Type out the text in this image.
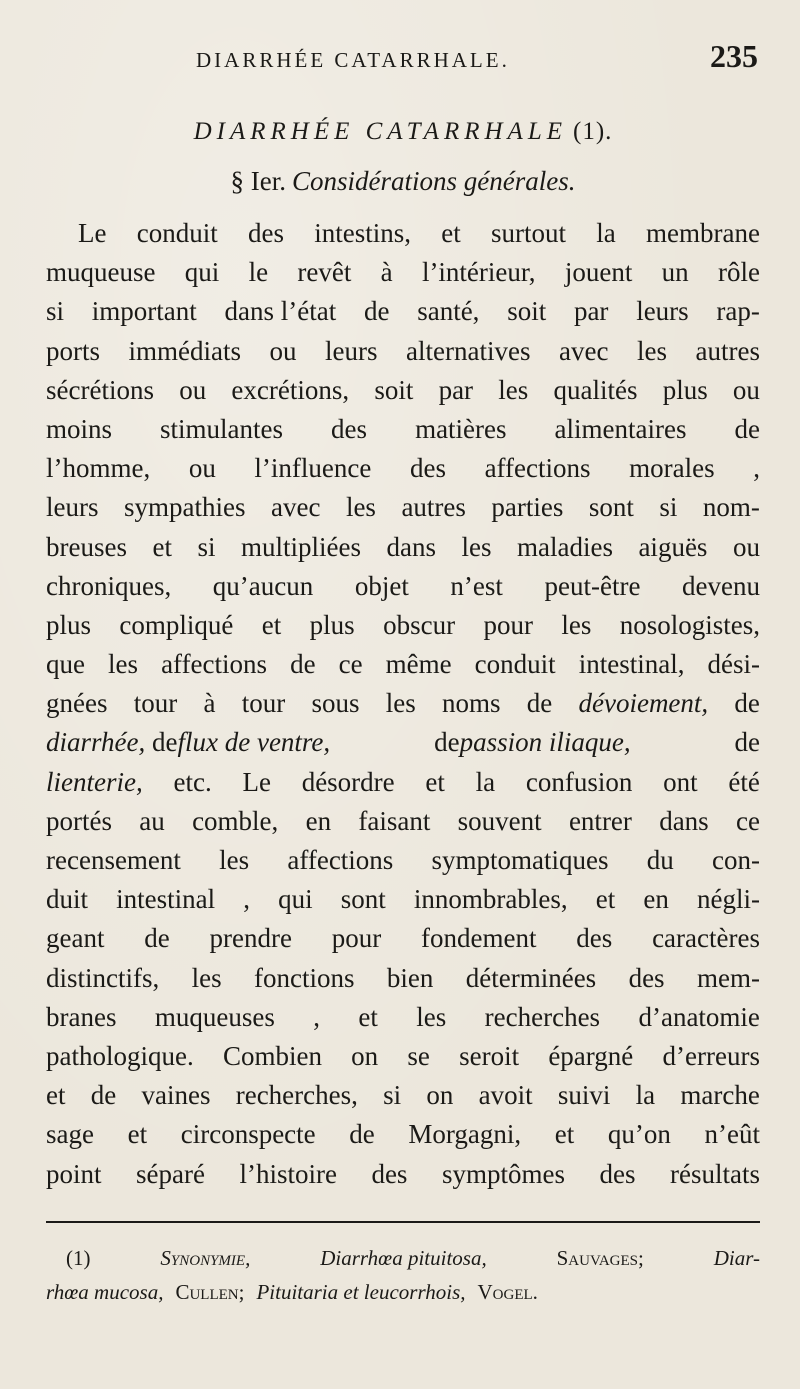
DIARRHÉE CATARRHALE.	235
DIARRHÉE CATARRHALE (1).
§ Ier. Considérations générales.
Le conduit des intestins, et surtout la membrane
muqueuse qui le revêt à l’intérieur, jouent un rôle
si important dans l’état de santé, soit par leurs rap-
ports immédiats ou leurs alternatives avec les autres
sécrétions ou excrétions, soit par les qualités plus ou
moins stimulantes des matières alimentaires de
l’homme, ou l’influence des affections morales ,
leurs sympathies avec les autres parties sont si nom-
breuses et si multipliées dans les maladies aiguës ou
chroniques, qu’aucun objet n’est peut-être devenu
plus compliqué et plus obscur pour les nosologistes,
que les affections de ce même conduit intestinal, dési-
gnées tour à tour sous les noms de dévoiement, de
diarrhée, deflux de ventre,	depassion iliaque,	de
lienterie, etc. Le désordre et la confusion ont été
portés au comble, en faisant souvent entrer dans ce
recensement les affections symptomatiques du con-
duit intestinal , qui sont innombrables, et en négli-
geant de prendre pour fondement des caractères
distinctifs, les fonctions bien déterminées des mem-
branes muqueuses , et les recherches d’anatomie
pathologique. Combien on se seroit épargné d’erreurs
et de vaines recherches, si on avoit suivi la marche
sage et circonspecte de Morgagni, et qu’on n’eût
point séparé l’histoire des symptômes des résultats
(1)	Synonymie,	Diarrhœa pituitosa,	Sauvages;	Diar-
rhœa mucosa, Cullen; Pituitaria et leucorrhois, Vogel.
